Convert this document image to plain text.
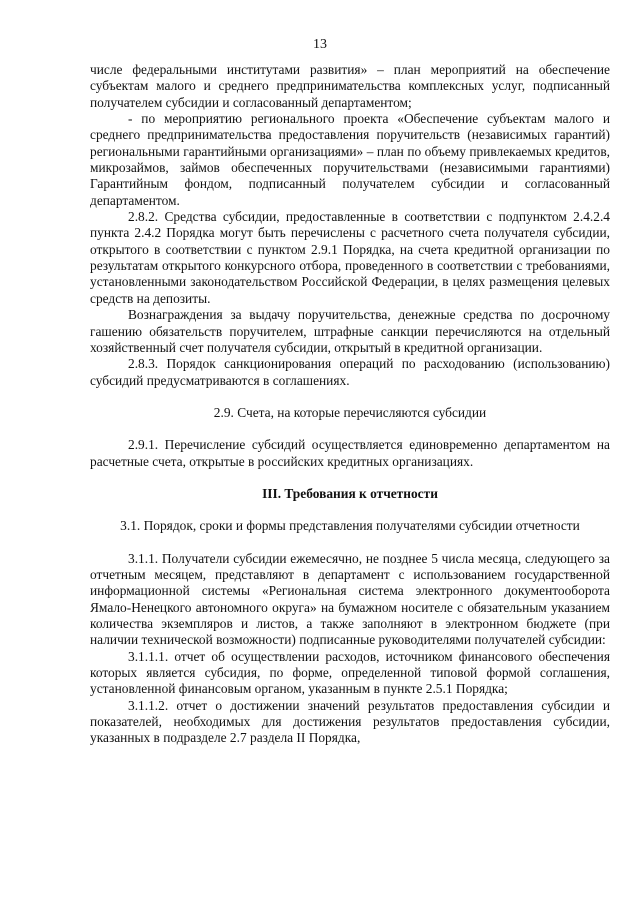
13

числе федеральными институтами развития» – план мероприятий на обеспечение субъектам малого и среднего предпринимательства комплексных услуг, подписанный получателем субсидии и согласованный департаментом;

- по мероприятию регионального проекта «Обеспечение субъектам малого и среднего предпринимательства предоставления поручительств (независимых гарантий) региональными гарантийными организациями» – план по объему привлекаемых кредитов, микрозаймов, займов обеспеченных поручительствами (независимыми гарантиями) Гарантийным фондом, подписанный получателем субсидии и согласованный департаментом.

2.8.2. Средства субсидии, предоставленные в соответствии с подпунктом 2.4.2.4 пункта 2.4.2 Порядка могут быть перечислены с расчетного счета получателя субсидии, открытого в соответствии с пунктом 2.9.1 Порядка, на счета кредитной организации по результатам открытого конкурсного отбора, проведенного в соответствии с требованиями, установленными законодательством Российской Федерации, в целях размещения целевых средств на депозиты.

Вознаграждения за выдачу поручительства, денежные средства по досрочному гашению обязательств поручителем, штрафные санкции перечисляются на отдельный хозяйственный счет получателя субсидии, открытый в кредитной организации.

2.8.3. Порядок санкционирования операций по расходованию (использованию) субсидий предусматриваются в соглашениях.

2.9. Счета, на которые перечисляются субсидии

2.9.1. Перечисление субсидий осуществляется единовременно департаментом на расчетные счета, открытые в российских кредитных организациях.

III. Требования к отчетности

3.1. Порядок, сроки и формы представления получателями субсидии отчетности

3.1.1. Получатели субсидии ежемесячно, не позднее 5 числа месяца, следующего за отчетным месяцем, представляют в департамент с использованием государственной информационной системы «Региональная система электронного документооборота Ямало-Ненецкого автономного округа» на бумажном носителе с обязательным указанием количества экземпляров и листов, а также заполняют в электронном бюджете (при наличии технической возможности) подписанные руководителями получателей субсидии:

3.1.1.1. отчет об осуществлении расходов, источником финансового обеспечения которых является субсидия, по форме, определенной типовой формой соглашения, установленной финансовым органом, указанным в пункте 2.5.1 Порядка;

3.1.1.2. отчет о достижении значений результатов предоставления субсидии и показателей, необходимых для достижения результатов предоставления субсидии, указанных в подразделе 2.7 раздела II Порядка,
